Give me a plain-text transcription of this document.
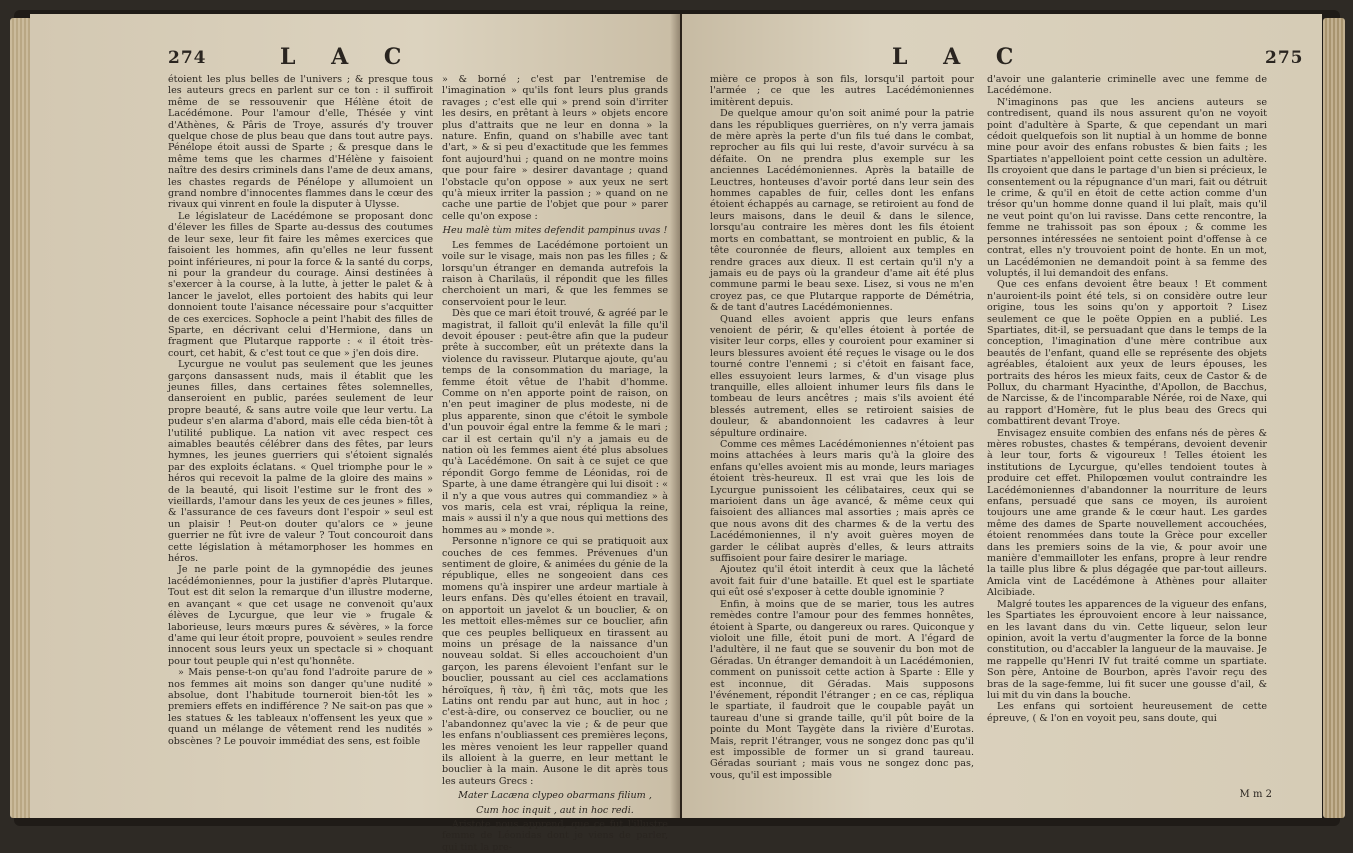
274	L A C

étoient les plus belles de l'univers ; & presque tous les auteurs grecs en parlent sur ce ton : il suffiroit même de se ressouvenir que Hélène étoit de Lacédémone. Pour l'amour d'elle, Thésée y vint d'Athènes, & Pâris de Troye, assurés d'y trouver quelque chose de plus beau que dans tout autre pays. Pénélope étoit aussi de Sparte ; & presque dans le même tems que les charmes d'Hélène y faisoient naître des desirs criminels dans l'ame de deux amans, les chastes regards de Pénélope y allumoient un grand nombre d'innocentes flammes dans le cœur des rivaux qui vinrent en foule la disputer à Ulysse.

Le législateur de Lacédémone se proposant donc d'élever les filles de Sparte au-dessus des coutumes de leur sexe, leur fit faire les mêmes exercices que faisoient les hommes, afin qu'elles ne leur fussent point inférieures, ni pour la force & la santé du corps, ni pour la grandeur du courage. Ainsi destinées à s'exercer à la course, à la lutte, à jetter le palet & à lancer le javelot, elles portoient des habits qui leur donnoient toute l'aisance nécessaire pour s'acquitter de ces exercices. Sophocle a peint l'habit des filles de Sparte, en décrivant celui d'Hermione, dans un fragment que Plutarque rapporte : « il étoit très-court, cet habit, & c'est tout ce que » j'en dois dire.

Lycurgue ne voulut pas seulement que les jeunes garçons dansassent nuds, mais il établit que les jeunes filles, dans certaines fêtes solemnelles, danseroient en public, parées seulement de leur propre beauté, & sans autre voile que leur vertu. La pudeur s'en alarma d'abord, mais elle céda bien-tôt à l'utilité publique. La nation vit avec respect ces aimables beautés célébrer dans des fêtes, par leurs hymnes, les jeunes guerriers qui s'étoient signalés par des exploits éclatans. « Quel triomphe pour le » héros qui recevoit la palme de la gloire des mains » de la beauté, qui lisoit l'estime sur le front des » vieillards, l'amour dans les yeux de ces jeunes » filles, & l'assurance de ces faveurs dont l'espoir » seul est un plaisir ! Peut-on douter qu'alors ce » jeune guerrier ne fût ivre de valeur ? Tout concouroit dans cette législation à métamorphoser les hommes en héros.

Je ne parle point de la gymnopédie des jeunes lacédémoniennes, pour la justifier d'après Plutarque. Tout est dit selon la remarque d'un illustre moderne, en avançant « que cet usage ne convenoit qu'aux élèves de Lycurgue, que leur vie » frugale & laborieuse, leurs mœurs pures & sévères, » la force d'ame qui leur étoit propre, pouvoient » seules rendre innocent sous leurs yeux un spectacle si » choquant pour tout peuple qui n'est qu'honnête.

» Mais pense-t-on qu'au fond l'adroite parure de » nos femmes ait moins son danger qu'une nudité » absolue, dont l'habitude tourneroit bien-tôt les » premiers effets en indifférence ? Ne sait-on pas que » les statues & les tableaux n'offensent les yeux que » quand un mélange de vêtement rend les nudités » obscènes ? Le pouvoir immédiat des sens, est foible

» & borné ; c'est par l'entremise de l'imagination » qu'ils font leurs plus grands ravages ; c'est elle qui » prend soin d'irriter les desirs, en prêtant à leurs » objets encore plus d'attraits que ne leur en donna » la nature. Enfin, quand on s'habille avec tant d'art, » & si peu d'exactitude que les femmes font aujourd'hui ; quand on ne montre moins que pour faire » desirer davantage ; quand l'obstacle qu'on oppose » aux yeux ne sert qu'à mieux irriter la passion ; » quand on ne cache une partie de l'objet que pour » parer celle qu'on expose :

Heu malè tùm mites defendit pampinus uvas !

Les femmes de Lacédémone portoient un voile sur le visage, mais non pas les filles ; & lorsqu'un étranger en demanda autrefois la raison à Charilaüs, il répondit que les filles cherchoient un mari, & que les femmes se conservoient pour le leur.

Dès que ce mari étoit trouvé, & agréé par le magistrat, il falloit qu'il enlevât la fille qu'il devoit épouser : peut-être afin que la pudeur prête à succomber, eût un prétexte dans la violence du ravisseur. Plutarque ajoute, qu'au temps de la consommation du mariage, la femme étoit vêtue de l'habit d'homme. Comme on n'en apporte point de raison, on n'en peut imaginer de plus modeste, ni de plus apparente, sinon que c'étoit le symbole d'un pouvoir égal entre la femme & le mari ; car il est certain qu'il n'y a jamais eu de nation où les femmes aient été plus absolues qu'à Lacédémone. On sait à ce sujet ce que répondit Gorgo femme de Léonidas, roi de Sparte, à une dame étrangère qui lui disoit : « il n'y a que vous autres qui commandiez » à vos maris, cela est vrai, répliqua la reine, mais » aussi il n'y a que nous qui mettions des hommes au » monde ».

Personne n'ignore ce qui se pratiquoit aux couches de ces femmes. Prévenues d'un sentiment de gloire, & animées du génie de la république, elles ne songeoient dans ces momens qu'à inspirer une ardeur martiale à leurs enfans. Dès qu'elles étoient en travail, on apportoit un javelot & un bouclier, & on les mettoit elles-mêmes sur ce bouclier, afin que ces peuples belliqueux en tirassent au moins un présage de la naissance d'un nouveau soldat. Si elles accouchoient d'un garçon, les parens élevoient l'enfant sur le bouclier, poussant au ciel ces acclamations héroïques, ἢ τὰν, ἢ ἐπὶ τᾶς, mots que les Latins ont rendu par aut hunc, aut in hoc ; c'est-à-dire, ou conservez ce bouclier, ou ne l'abandonnez qu'avec la vie ; & de peur que les enfans n'oubliassent ces premières leçons, les mères venoient les leur rappeller quand ils alloient à la guerre, en leur mettant le bouclier à la main. Ausone le dit après tous les auteurs Grecs :

Mater Lacæna clypeo obarmans filium ,

Cum hoc inquit , aut in hoc redi.

Aristote nous apprend, que ce fut l'illustre femme de Léonidas dont je viens de parler, qui tint la pre-

L A C	275

mière ce propos à son fils, lorsqu'il partoit pour l'armée ; ce que les autres Lacédémoniennes imitèrent depuis.

De quelque amour qu'on soit animé pour la patrie dans les républiques guerrières, on n'y verra jamais de mère après la perte d'un fils tué dans le combat, reprocher au fils qui lui reste, d'avoir survécu à sa défaite. On ne prendra plus exemple sur les anciennes Lacédémoniennes. Après la bataille de Leuctres, honteuses d'avoir porté dans leur sein des hommes capables de fuir, celles dont les enfans étoient échappés au carnage, se retiroient au fond de leurs maisons, dans le deuil & dans le silence, lorsqu'au contraire les mères dont les fils étoient morts en combattant, se montroient en public, & la tête couronnée de fleurs, alloient aux temples en rendre graces aux dieux. Il est certain qu'il n'y a jamais eu de pays où la grandeur d'ame ait été plus commune parmi le beau sexe. Lisez, si vous ne m'en croyez pas, ce que Plutarque rapporte de Démétria, & de tant d'autres Lacédémoniennes.

Quand elles avoient appris que leurs enfans venoient de périr, & qu'elles étoient à portée de visiter leur corps, elles y couroient pour examiner si leurs blessures avoient été reçues le visage ou le dos tourné contre l'ennemi ; si c'étoit en faisant face, elles essuyoient leurs larmes, & d'un visage plus tranquille, elles alloient inhumer leurs fils dans le tombeau de leurs ancêtres ; mais s'ils avoient été blessés autrement, elles se retiroient saisies de douleur, & abandonnoient les cadavres à leur sépulture ordinaire.

Comme ces mêmes Lacédémoniennes n'étoient pas moins attachées à leurs maris qu'à la gloire des enfans qu'elles avoient mis au monde, leurs mariages étoient très-heureux. Il est vrai que les lois de Lycurgue punissoient les célibataires, ceux qui se marioient dans un âge avancé, & même ceux qui faisoient des alliances mal assorties ; mais après ce que nous avons dit des charmes & de la vertu des Lacédémoniennes, il n'y avoit guères moyen de garder le célibat auprès d'elles, & leurs attraits suffisoient pour faire desirer le mariage.

Ajoutez qu'il étoit interdit à ceux que la lâcheté avoit fait fuir d'une bataille. Et quel est le spartiate qui eût osé s'exposer à cette double ignominie ?

Enfin, à moins que de se marier, tous les autres remèdes contre l'amour pour des femmes honnêtes, étoient à Sparte, ou dangereux ou rares. Quiconque y violoit une fille, étoit puni de mort. A l'égard de l'adultère, il ne faut que se souvenir du bon mot de Géradas. Un étranger demandoit à un Lacédémonien, comment on punissoit cette action à Sparte : Elle y est inconnue, dit Géradas. Mais supposons l'événement, répondit l'étranger ; en ce cas, répliqua le spartiate, il faudroit que le coupable payât un taureau d'une si grande taille, qu'il pût boire de la pointe du Mont Taygète dans la rivière d'Eurotas. Mais, reprit l'étranger, vous ne songez donc pas qu'il est impossible de former un si grand taureau. Géradas souriant ; mais vous ne songez donc pas, vous, qu'il est impossible

d'avoir une galanterie criminelle avec une femme de Lacédémone.

N'imaginons pas que les anciens auteurs se contredisent, quand ils nous assurent qu'on ne voyoit point d'adultère à Sparte, & que cependant un mari cédoit quelquefois son lit nuptial à un homme de bonne mine pour avoir des enfans robustes & bien faits ; les Spartiates n'appelloient point cette cession un adultère. Ils croyoient que dans le partage d'un bien si précieux, le consentement ou la répugnance d'un mari, fait ou détruit le crime, & qu'il en étoit de cette action comme d'un trésor qu'un homme donne quand il lui plaît, mais qu'il ne veut point qu'on lui ravisse. Dans cette rencontre, la femme ne trahissoit pas son époux ; & comme les personnes intéressées ne sentoient point d'offense à ce contrat, elles n'y trouvoient point de honte. En un mot, un Lacédémonien ne demandoit point à sa femme des voluptés, il lui demandoit des enfans.

Que ces enfans devoient être beaux ! Et comment n'auroient-ils point été tels, si on considère outre leur origine, tous les soins qu'on y apportoit ? Lisez seulement ce que le poëte Oppien en a publié. Les Spartiates, dit-il, se persuadant que dans le temps de la conception, l'imagination d'une mère contribue aux beautés de l'enfant, quand elle se représente des objets agréables, étaloient aux yeux de leurs épouses, les portraits des héros les mieux faits, ceux de Castor & de Pollux, du charmant Hyacinthe, d'Apollon, de Bacchus, de Narcisse, & de l'incomparable Nérée, roi de Naxe, qui au rapport d'Homère, fut le plus beau des Grecs qui combattirent devant Troye.

Envisagez ensuite combien des enfans nés de pères & mères robustes, chastes & tempérans, devoient devenir à leur tour, forts & vigoureux ! Telles étoient les institutions de Lycurgue, qu'elles tendoient toutes à produire cet effet. Philopœmen voulut contraindre les Lacédémoniennes d'abandonner la nourriture de leurs enfans, persuadé que sans ce moyen, ils auroient toujours une ame grande & le cœur haut. Les gardes même des dames de Sparte nouvellement accouchées, étoient renommées dans toute la Grèce pour exceller dans les premiers soins de la vie, & pour avoir une manière d'emmailloter les enfans, propre à leur rendre la taille plus libre & plus dégagée que par-tout ailleurs. Amicla vint de Lacédémone à Athènes pour allaiter Alcibiade.

Malgré toutes les apparences de la vigueur des enfans, les Spartiates les éprouvoient encore à leur naissance, en les lavant dans du vin. Cette liqueur, selon leur opinion, avoit la vertu d'augmenter la force de la bonne constitution, ou d'accabler la langueur de la mauvaise. Je me rappelle qu'Henri IV fut traité comme un spartiate. Son père, Antoine de Bourbon, après l'avoir reçu des bras de la sage-femme, lui fit sucer une gousse d'ail, & lui mit du vin dans la bouche.

Les enfans qui sortoient heureusement de cette épreuve, ( & l'on en voyoit peu, sans doute, qui

M m 2
